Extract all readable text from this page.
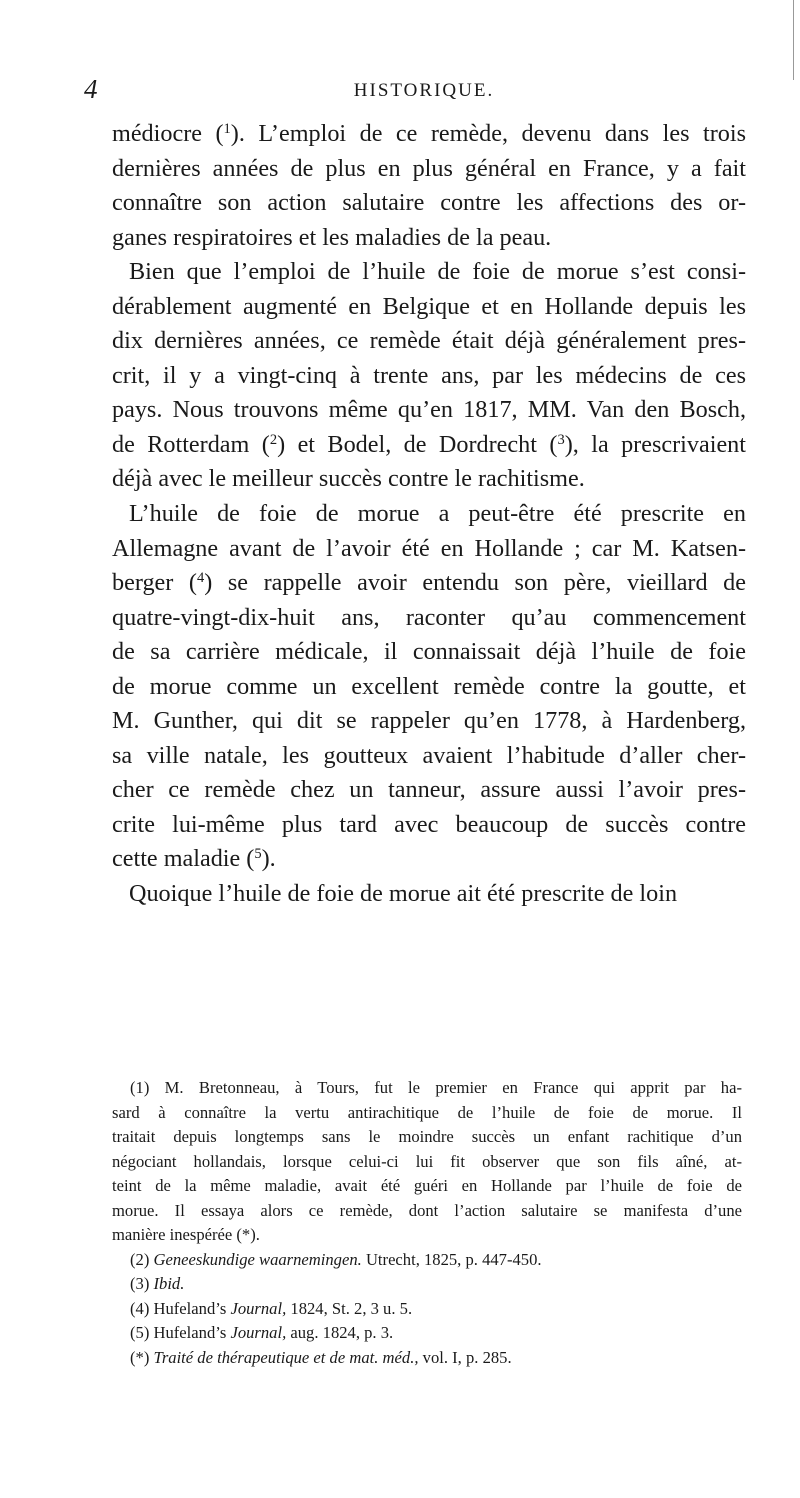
4	HISTORIQUE.
médiocre ($^1$). L’emploi de ce remède, devenu dans les trois
dernières années de plus en plus général en France, y a fait
connaître son action salutaire contre les affections des or-
ganes respiratoires et les maladies de la peau.
Bien que l’emploi de l’huile de foie de morue s’est consi-
dérablement augmenté en Belgique et en Hollande depuis les
dix dernières années, ce remède était déjà généralement pres-
crit, il y a vingt-cinq à trente ans, par les médecins de ces
pays. Nous trouvons même qu’en 1817, MM. Van den Bosch,
de Rotterdam ($^2$) et Bodel, de Dordrecht ($^3$), la prescrivaient
déjà avec le meilleur succès contre le rachitisme.
L’huile de foie de morue a peut-être été prescrite en
Allemagne avant de l’avoir été en Hollande ; car M. Katsen-
berger ($^4$) se rappelle avoir entendu son père, vieillard de
quatre-vingt-dix-huit ans, raconter qu’au commencement
de sa carrière médicale, il connaissait déjà l’huile de foie
de morue comme un excellent remède contre la goutte, et
M. Gunther, qui dit se rappeler qu’en 1778, à Hardenberg,
sa ville natale, les goutteux avaient l’habitude d’aller cher-
cher ce remède chez un tanneur, assure aussi l’avoir pres-
crite lui-même plus tard avec beaucoup de succès contre
cette maladie ($^5$).
Quoique l’huile de foie de morue ait été prescrite de loin
(1) M. Bretonneau, à Tours, fut le premier en France qui apprit par ha-
sard à connaître la vertu antirachitique de l’huile de foie de morue. Il
traitait depuis longtemps sans le moindre succès un enfant rachitique d’un
négociant hollandais, lorsque celui-ci lui fit observer que son fils aîné, at-
teint de la même maladie, avait été guéri en Hollande par l’huile de foie de
morue. Il essaya alors ce remède, dont l’action salutaire se manifesta d’une
manière inespérée (*).
(2) Geneeskundige waarnemingen. Utrecht, 1825, p. 447-450.
(3) Ibid.
(4) Hufeland’s Journal, 1824, St. 2, 3 u. 5.
(5) Hufeland’s Journal, aug. 1824, p. 3.
(*) Traité de thérapeutique et de mat. méd., vol. I, p. 285.
